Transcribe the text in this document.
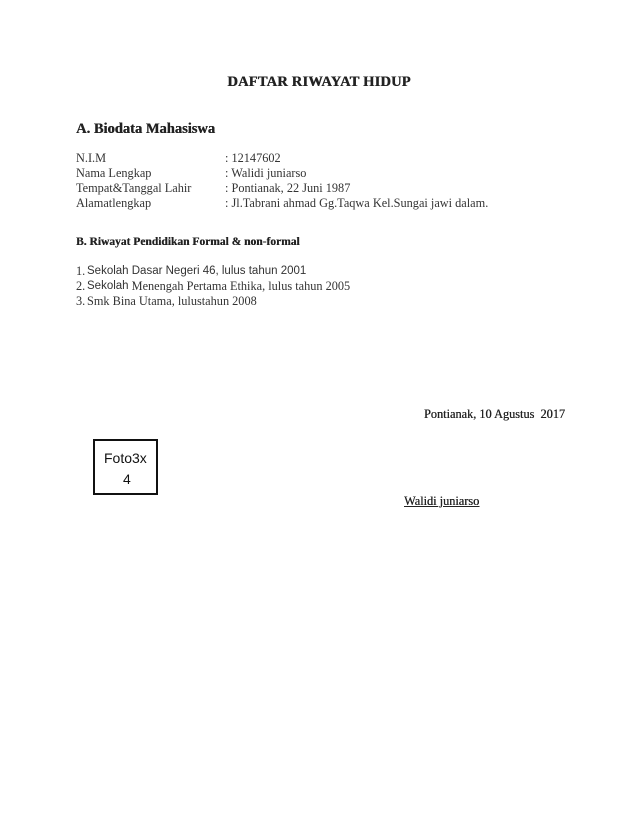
DAFTAR RIWAYAT HIDUP
A. Biodata Mahasiswa
N.I.M	: 12147602
Nama Lengkap	: Walidi juniarso
Tempat&Tanggal Lahir	: Pontianak, 22 Juni 1987
Alamatlengkap	: Jl.Tabrani ahmad Gg.Taqwa Kel.Sungai jawi dalam.
B. Riwayat Pendidikan Formal & non-formal
1. Sekolah Dasar Negeri 46, lulus tahun 2001
2. Sekolah Menengah Pertama Ethika, lulus tahun 2005
3. Smk Bina Utama, lulustahun 2008
Pontianak, 10 Agustus  2017
Foto3x
4
Walidi juniarso
